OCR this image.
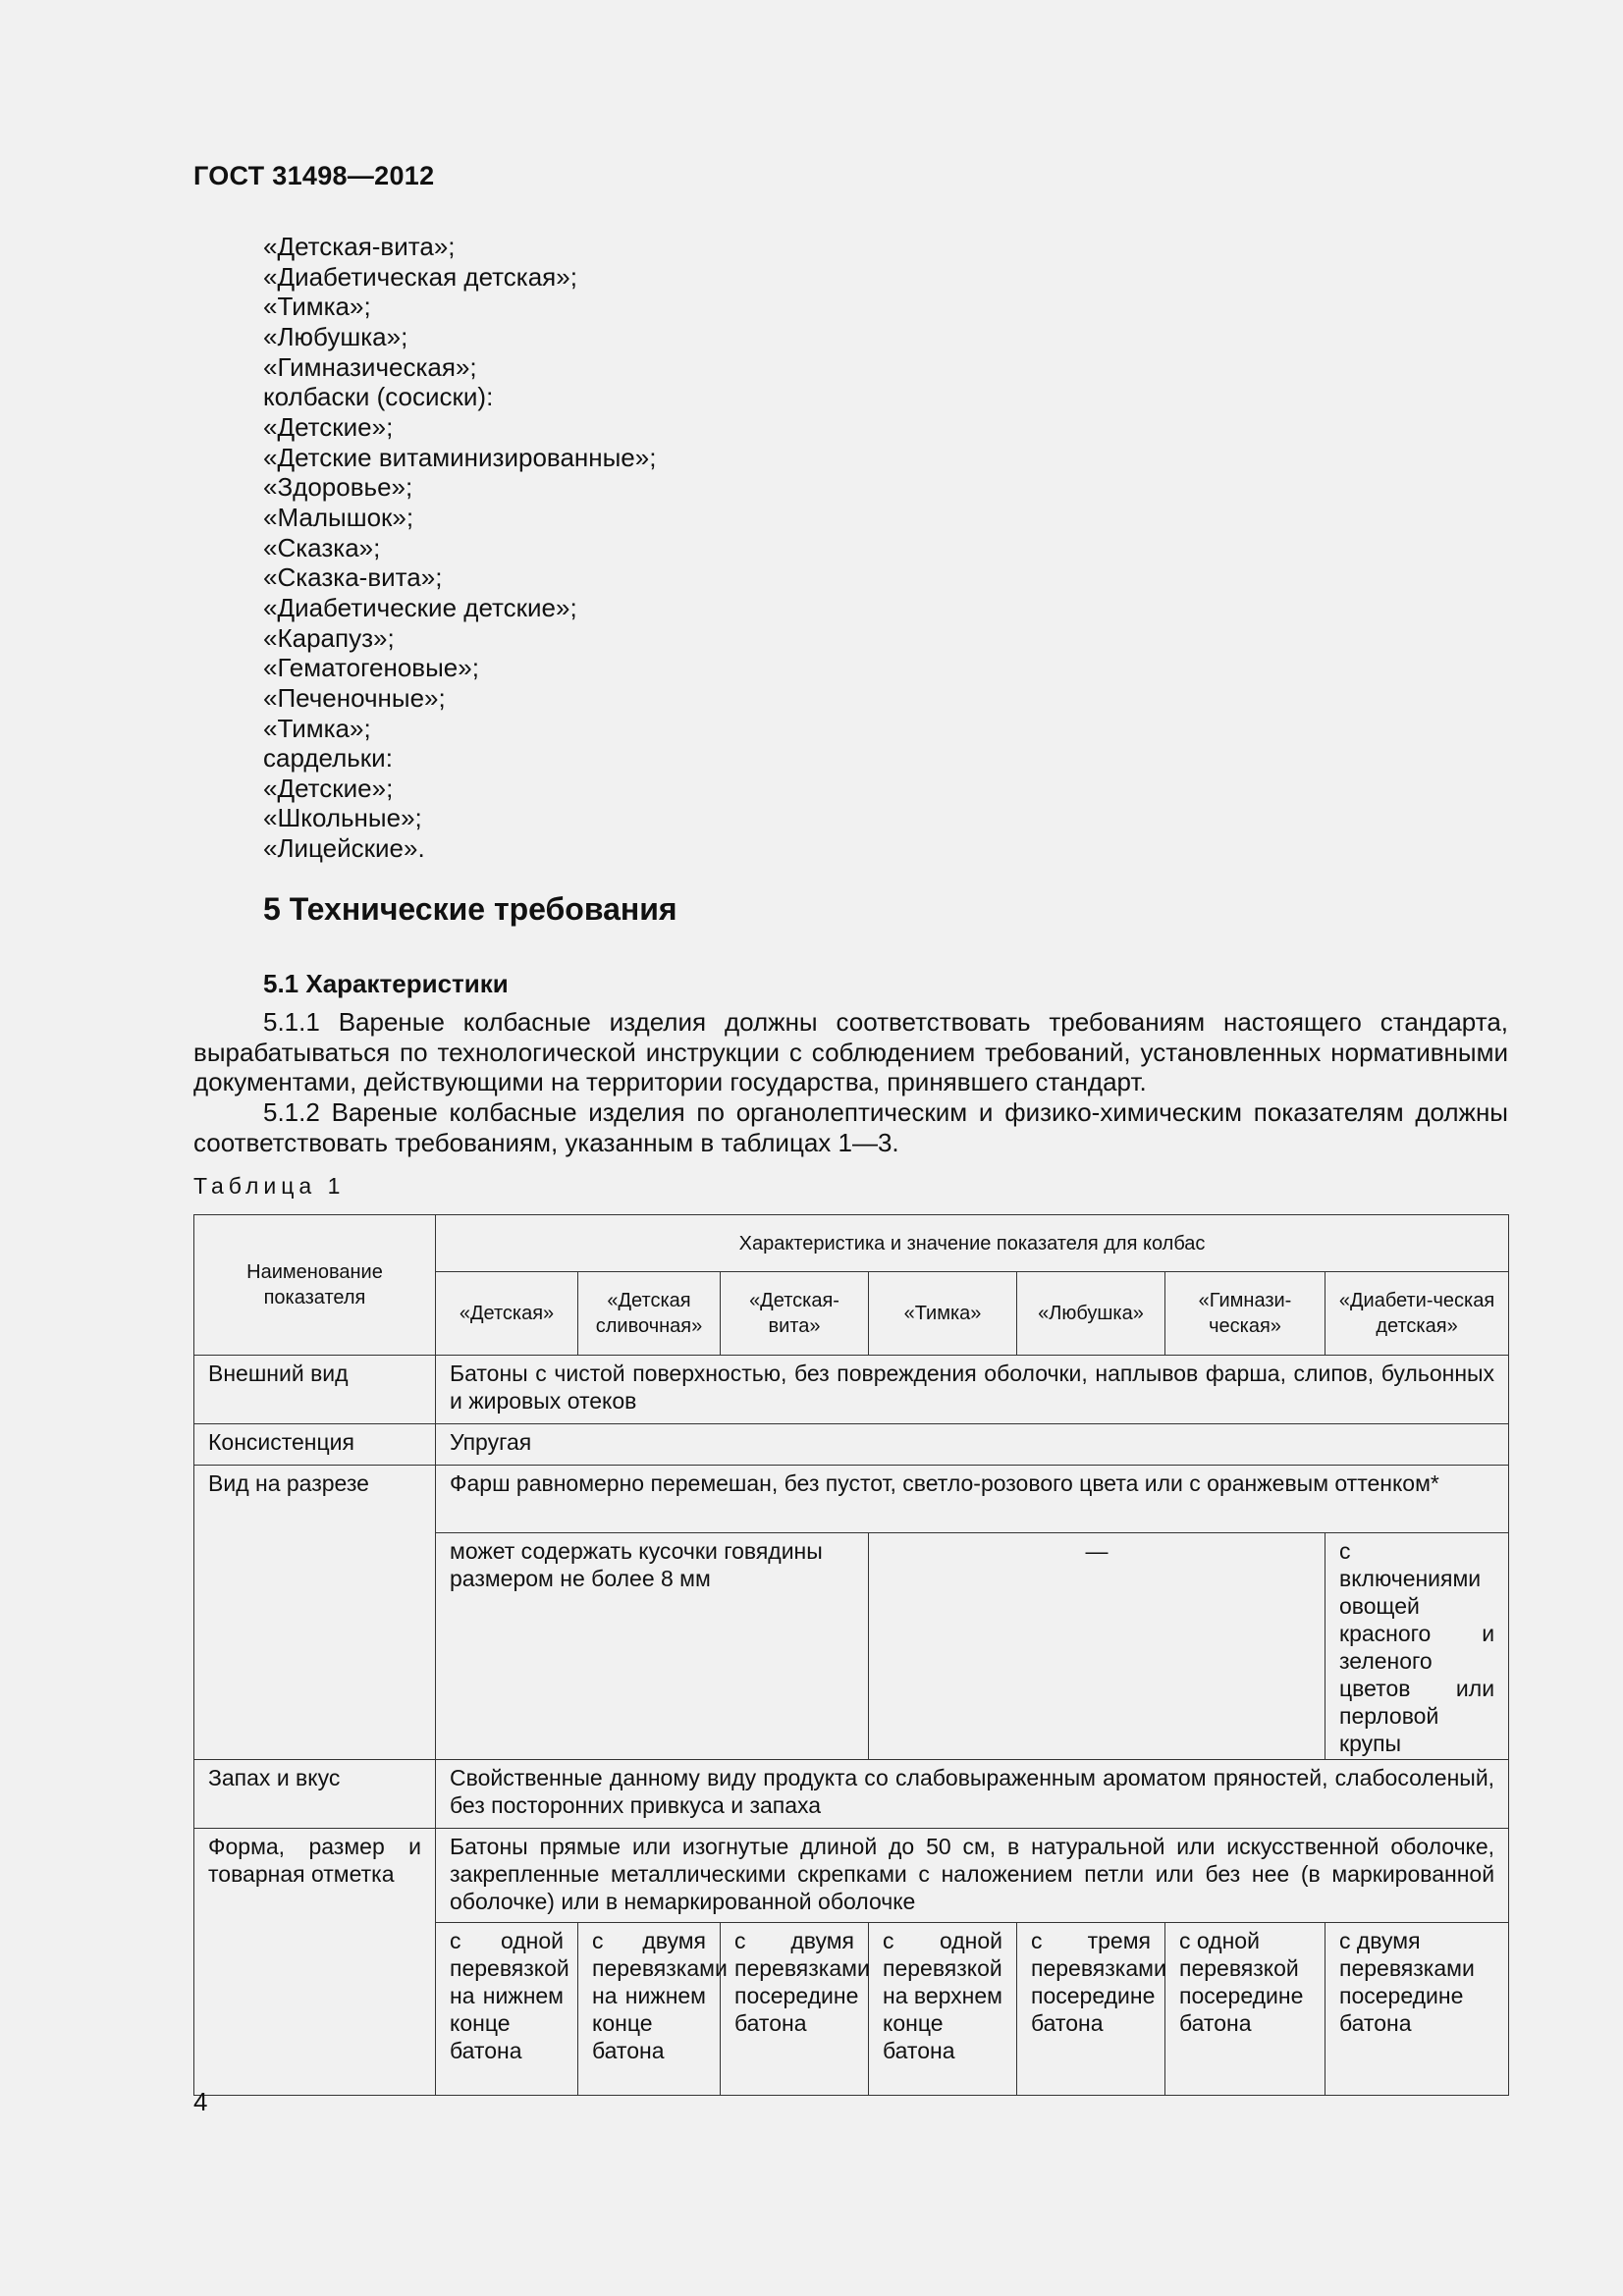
ГОСТ 31498—2012
«Детская-вита»;
«Диабетическая детская»;
«Тимка»;
«Любушка»;
«Гимназическая»;
колбаски (сосиски):
«Детские»;
«Детские витаминизированные»;
«Здоровье»;
«Малышок»;
«Сказка»;
«Сказка-вита»;
«Диабетические детские»;
«Карапуз»;
«Гематогеновые»;
«Печеночные»;
«Тимка»;
сардельки:
«Детские»;
«Школьные»;
«Лицейские».
5 Технические требования
5.1 Характеристики

5.1.1 Вареные колбасные изделия должны соответствовать требованиям настоящего стандарта, вырабатываться по технологической инструкции с соблюдением требований, установленных нормативными документами, действующими на территории государства, принявшего стандарт.

5.1.2 Вареные колбасные изделия по органолептическим и физико-химическим показателям должны соответствовать требованиям, указанным в таблицах 1—3.

Таблица 1
Наименование показателя	Характеристика и значение показателя для колбас						
	«Детская»	«Детская сливочная»	«Детская-вита»	«Тимка»	«Любушка»	«Гимнази-ческая»	«Диабети-ческая детская»
Внешний вид	Батоны с чистой поверхностью, без повреждения оболочки, наплывов фарша, слипов, бульонных и жировых отеков						
Консистенция	Упругая						
Вид на разрезе	Фарш равномерно перемешан, без пустот, светло-розового цвета или с оранжевым оттенком*						
	может содержать кусочки говядины размером не более 8 мм			—			с включениями овощей красного и зеленого цветов или перловой крупы
Запах и вкус	Свойственные данному виду продукта со слабовыраженным ароматом пряностей, слабосоленый, без посторонних привкуса и запаха						
Форма, размер и товарная отметка	Батоны прямые или изогнутые длиной до 50 см, в натуральной или искусственной оболочке, закрепленные металлическими скрепками с наложением петли или без нее (в маркированной оболочке) или в немаркированной оболочке						
	с одной перевязкой на нижнем конце батона	с двумя перевязками на нижнем конце батона	с двумя перевязками посередине батона	с одной перевязкой на верхнем конце батона	с тремя перевязками посередине батона	с одной перевязкой посередине батона	с двумя перевязками посередине батона
4
